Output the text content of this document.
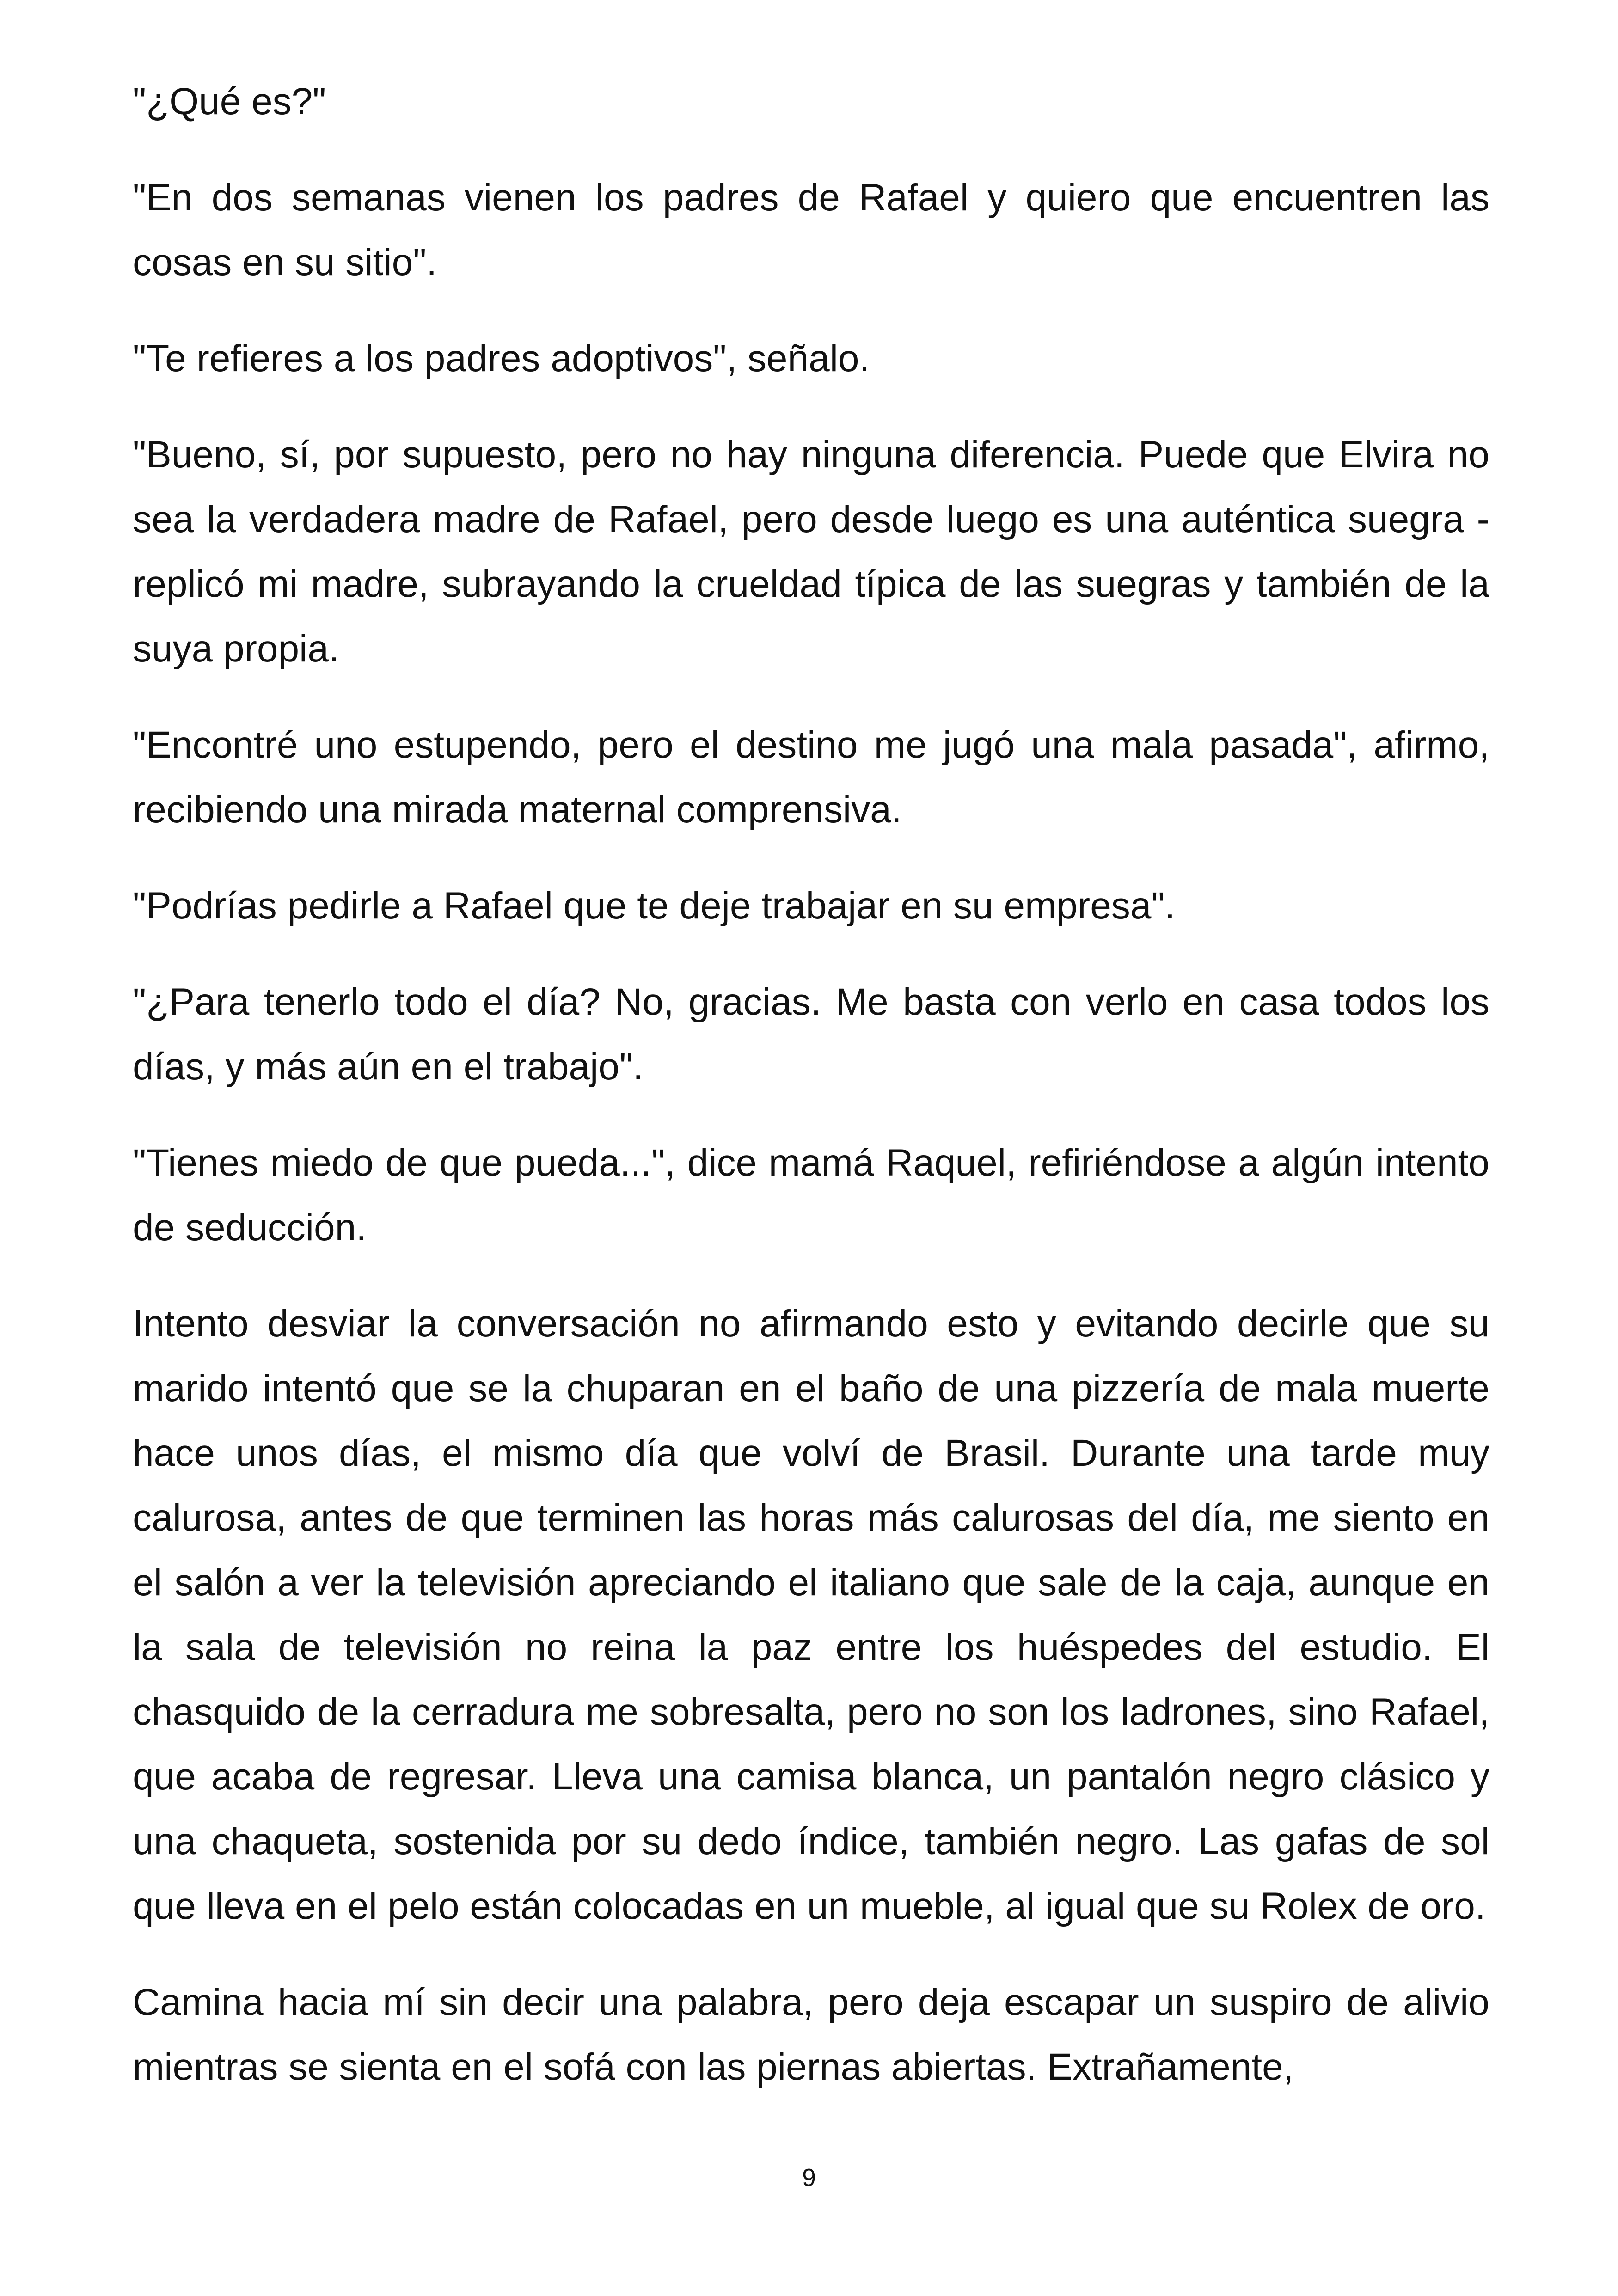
"¿Qué es?"

"En dos semanas vienen los padres de Rafael y quiero que encuentren las cosas en su sitio".

"Te refieres a los padres adoptivos", señalo.

"Bueno, sí, por supuesto, pero no hay ninguna diferencia. Puede que Elvira no sea la verdadera madre de Rafael, pero desde luego es una auténtica suegra -replicó mi madre, subrayando la crueldad típica de las suegras y también de la suya propia.

"Encontré uno estupendo, pero el destino me jugó una mala pasada", afirmo, recibiendo una mirada maternal comprensiva.

"Podrías pedirle a Rafael que te deje trabajar en su empresa".

"¿Para tenerlo todo el día? No, gracias. Me basta con verlo en casa todos los días, y más aún en el trabajo".

"Tienes miedo de que pueda...", dice mamá Raquel, refiriéndose a algún intento de seducción.

Intento desviar la conversación no afirmando esto y evitando decirle que su marido intentó que se la chuparan en el baño de una pizzería de mala muerte hace unos días, el mismo día que volví de Brasil. Durante una tarde muy calurosa, antes de que terminen las horas más calurosas del día, me siento en el salón a ver la televisión apreciando el italiano que sale de la caja, aunque en la sala de televisión no reina la paz entre los huéspedes del estudio. El chasquido de la cerradura me sobresalta, pero no son los ladrones, sino Rafael, que acaba de regresar. Lleva una camisa blanca, un pantalón negro clásico y una chaqueta, sostenida por su dedo índice, también negro. Las gafas de sol que lleva en el pelo están colocadas en un mueble, al igual que su Rolex de oro.

Camina hacia mí sin decir una palabra, pero deja escapar un suspiro de alivio mientras se sienta en el sofá con las piernas abiertas. Extrañamente,

9
